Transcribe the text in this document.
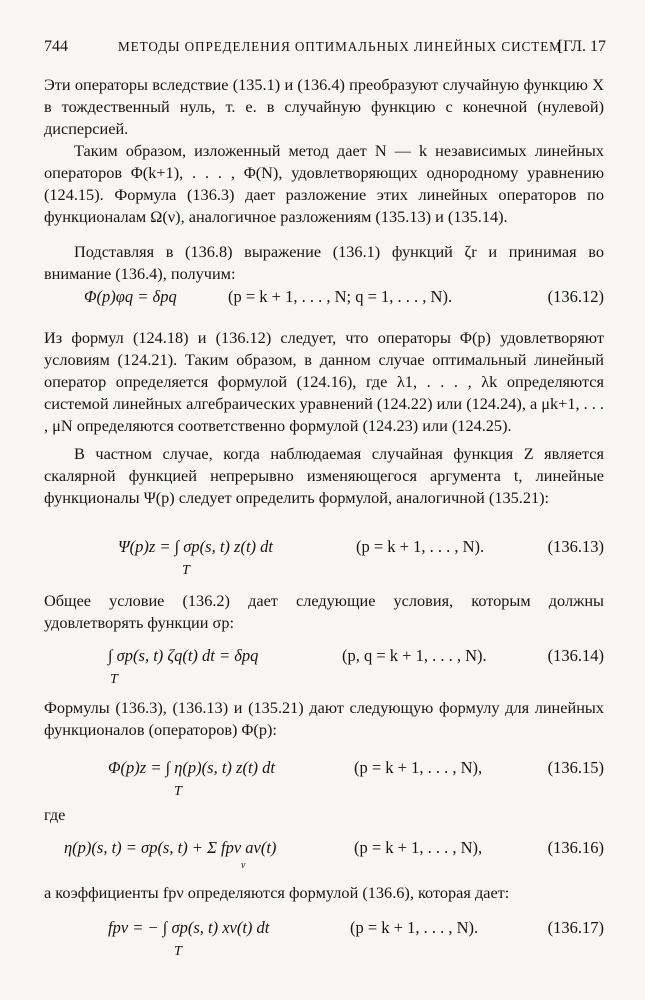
744	МЕТОДЫ ОПРЕДЕЛЕНИЯ ОПТИМАЛЬНЫХ ЛИНЕЙНЫХ СИСТЕМ
[ГЛ. 17
Эти операторы вследствие (135.1) и (136.4) преобразуют случайную функцию X в тождественный нуль, т. е. в случайную функцию с конечной (нулевой) дисперсией.
Таким образом, изложенный метод дает N — k независимых линейных операторов Φ(k+1), . . . , Φ(N), удовлетворяющих однородному уравнению (124.15). Формула (136.3) дает разложение этих линейных операторов по функционалам Ω(ν), аналогичное разложениям (135.13) и (135.14).
Подставляя в (136.8) выражение (136.1) функций ζr и принимая во внимание (136.4), получим:
Φ(p)φq = δpq	(p = k + 1, . . . , N; q = 1, . . . , N).	(136.12)
Из формул (124.18) и (136.12) следует, что операторы Φ(p) удовлетворяют условиям (124.21). Таким образом, в данном случае оптимальный линейный оператор определяется формулой (124.16), где λ1, . . . , λk определяются системой линейных алгебраических уравнений (124.22) или (124.24), а μk+1, . . . , μN определяются соответственно формулой (124.23) или (124.25).
В частном случае, когда наблюдаемая случайная функция Z является скалярной функцией непрерывно изменяющегося аргумента t, линейные функционалы Ψ(p) следует определить формулой, аналогичной (135.21):
Ψ(p)z = ∫ σp(s, t) z(t) dt
T
(p = k + 1, . . . , N).	(136.13)
Общее условие (136.2) дает следующие условия, которым должны удовлетворять функции σp:
∫ σp(s, t) ζq(t) dt = δpq
T
(p, q = k + 1, . . . , N).	(136.14)
Формулы (136.3), (136.13) и (135.21) дают следующую формулу для линейных функционалов (операторов) Φ(p):
Φ(p)z = ∫ η(p)(s, t) z(t) dt
T
(p = k + 1, . . . , N),	(136.15)
где
η(p)(s, t) = σp(s, t) + Σ fpν aν(t)
ν
(p = k + 1, . . . , N),	(136.16)
а коэффициенты fpν определяются формулой (136.6), которая дает:
fpν = − ∫ σp(s, t) xν(t) dt
T
(p = k + 1, . . . , N).	(136.17)
